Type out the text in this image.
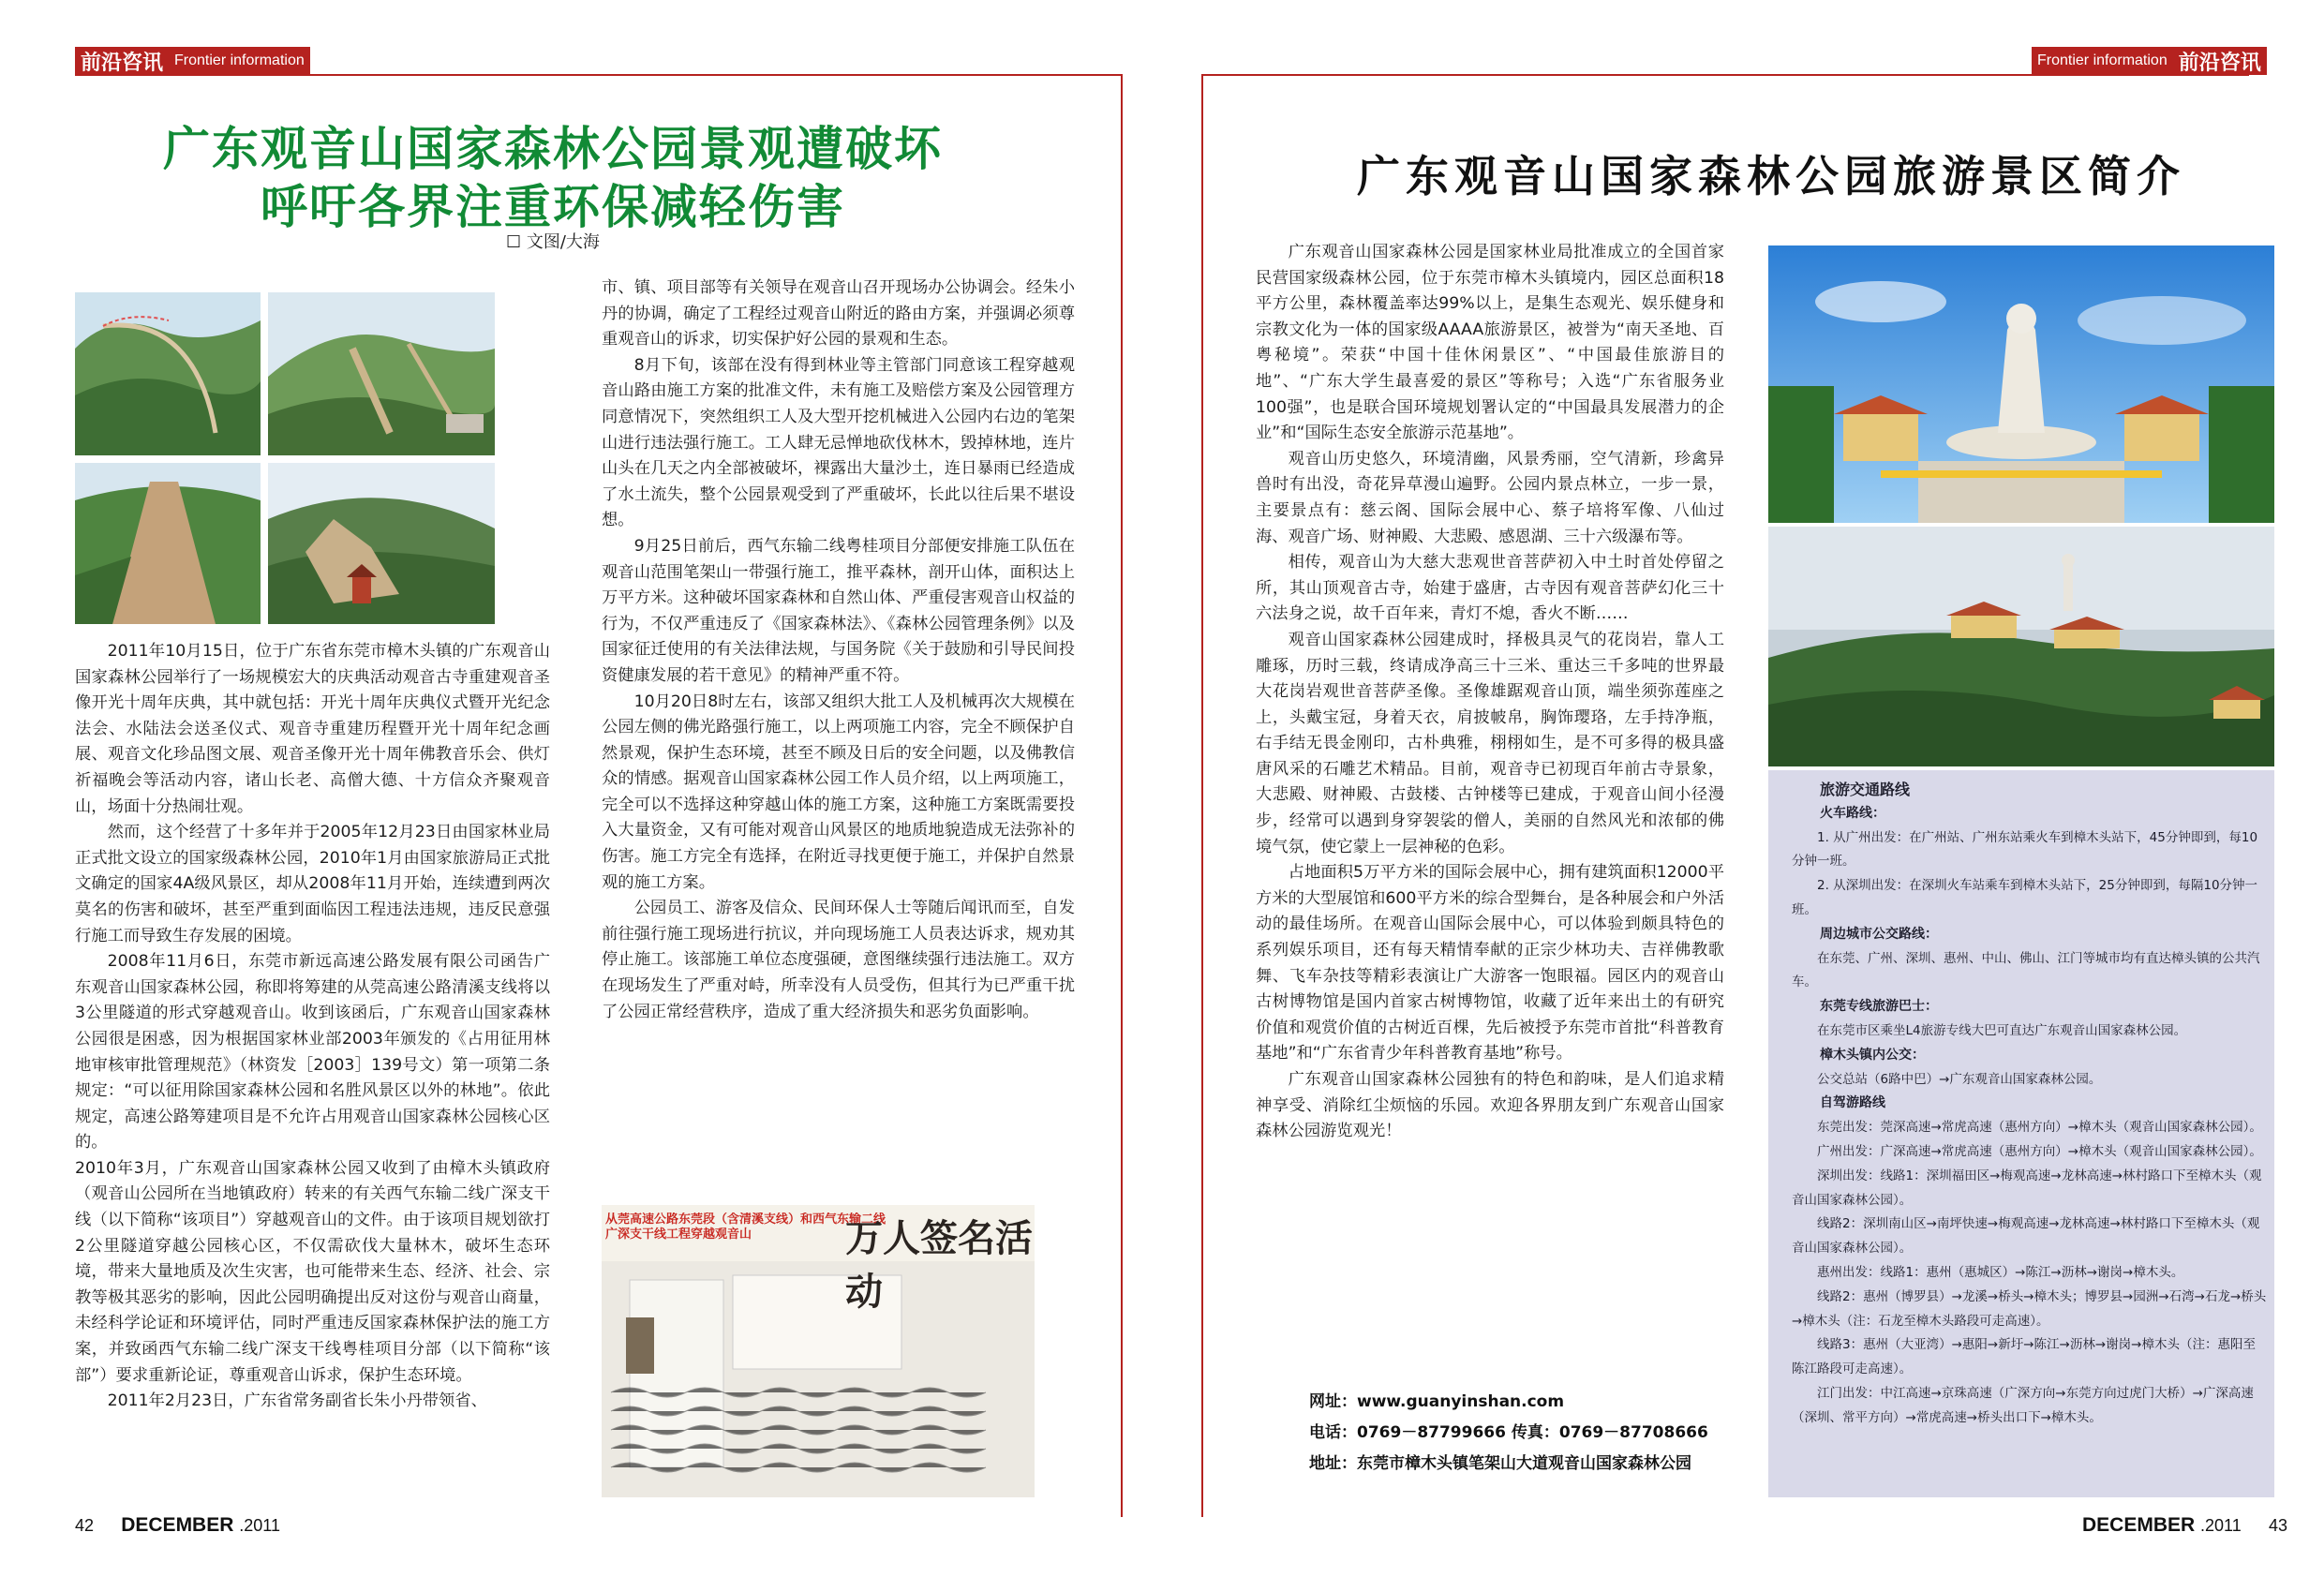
前沿咨讯 Frontier information	Frontier information 前沿咨讯
广东观音山国家森林公园景观遭破坏
呼吁各界注重环保减轻伤害
☐ 文图/大海

2011年10月15日，位于广东省东莞市樟木头镇的广东观音山国家森林公园举行了一场规模宏大的庆典活动观音古寺重建观音圣像开光十周年庆典，其中就包括：开光十周年庆典仪式暨开光纪念法会、水陆法会送圣仪式、观音寺重建历程暨开光十周年纪念画展、观音文化珍品图文展、观音圣像开光十周年佛教音乐会、供灯祈福晚会等活动内容，诸山长老、高僧大德、十方信众齐聚观音山，场面十分热闹壮观。

然而，这个经营了十多年并于2005年12月23日由国家林业局正式批文设立的国家级森林公园，2010年1月由国家旅游局正式批文确定的国家4A级风景区，却从2008年11月开始，连续遭到两次莫名的伤害和破坏，甚至严重到面临因工程违法违规，违反民意强行施工而导致生存发展的困境。

2008年11月6日，东莞市新远高速公路发展有限公司函告广东观音山国家森林公园，称即将筹建的从莞高速公路清溪支线将以3公里隧道的形式穿越观音山。收到该函后，广东观音山国家森林公园很是困惑，因为根据国家林业部2003年颁发的《占用征用林地审核审批管理规范》（林资发［2003］139号文）第一项第二条规定：“可以征用除国家森林公园和名胜风景区以外的林地”。依此规定，高速公路筹建项目是不允许占用观音山国家森林公园核心区的。

2010年3月，广东观音山国家森林公园又收到了由樟木头镇政府（观音山公园所在当地镇政府）转来的有关西气东输二线广深支干线（以下简称“该项目”）穿越观音山的文件。由于该项目规划欲打2公里隧道穿越公园核心区，不仅需砍伐大量林木，破坏生态环境，带来大量地质及次生灾害，也可能带来生态、经济、社会、宗教等极其恶劣的影响，因此公园明确提出反对这份与观音山商量，未经科学论证和环境评估，同时严重违反国家森林保护法的施工方案，并致函西气东输二线广深支干线粤桂项目分部（以下简称“该部”）要求重新论证，尊重观音山诉求，保护生态环境。

2011年2月23日，广东省常务副省长朱小丹带领省、

市、镇、项目部等有关领导在观音山召开现场办公协调会。经朱小丹的协调，确定了工程经过观音山附近的路由方案，并强调必须尊重观音山的诉求，切实保护好公园的景观和生态。

8月下旬，该部在没有得到林业等主管部门同意该工程穿越观音山路由施工方案的批准文件，未有施工及赔偿方案及公园管理方同意情况下，突然组织工人及大型开挖机械进入公园内右边的笔架山进行违法强行施工。工人肆无忌惮地砍伐林木，毁掉林地，连片山头在几天之内全部被破坏，裸露出大量沙土，连日暴雨已经造成了水土流失，整个公园景观受到了严重破坏，长此以往后果不堪设想。

9月25日前后，西气东输二线粤桂项目分部便安排施工队伍在观音山范围笔架山一带强行施工，推平森林，剖开山体，面积达上万平方米。这种破坏国家森林和自然山体、严重侵害观音山权益的行为，不仅严重违反了《国家森林法》、《森林公园管理条例》以及国家征迁使用的有关法律法规，与国务院《关于鼓励和引导民间投资健康发展的若干意见》的精神严重不符。

10月20日8时左右，该部又组织大批工人及机械再次大规模在公园左侧的佛光路强行施工，以上两项施工内容，完全不顾保护自然景观，保护生态环境，甚至不顾及日后的安全问题，以及佛教信众的情感。据观音山国家森林公园工作人员介绍，以上两项施工，完全可以不选择这种穿越山体的施工方案，这种施工方案既需要投入大量资金，又有可能对观音山风景区的地质地貌造成无法弥补的伤害。施工方完全有选择，在附近寻找更便于施工，并保护自然景观的施工方案。

公园员工、游客及信众、民间环保人士等随后闻讯而至，自发前往强行施工现场进行抗议，并向现场施工人员表达诉求，规劝其停止施工。该部施工单位态度强硬，意图继续强行违法施工。双方在现场发生了严重对峙，所幸没有人员受伤，但其行为已严重干扰了公园正常经营秩序，造成了重大经济损失和恶劣负面影响。

从莞高速公路东莞段（含清溪支线）和西气东输二线广深支干线工程穿越观音山	万人签名活动
广东观音山国家森林公园旅游景区简介

广东观音山国家森林公园是国家林业局批准成立的全国首家民营国家级森林公园，位于东莞市樟木头镇境内，园区总面积18平方公里，森林覆盖率达99%以上，是集生态观光、娱乐健身和宗教文化为一体的国家级AAAA旅游景区，被誉为“南天圣地、百粤秘境”。荣获“中国十佳休闲景区”、“中国最佳旅游目的地”、“广东大学生最喜爱的景区”等称号；入选“广东省服务业100强”，也是联合国环境规划署认定的“中国最具发展潜力的企业”和“国际生态安全旅游示范基地”。

观音山历史悠久，环境清幽，风景秀丽，空气清新，珍禽异兽时有出没，奇花异草漫山遍野。公园内景点林立，一步一景，主要景点有：慈云阁、国际会展中心、蔡子培将军像、八仙过海、观音广场、财神殿、大悲殿、感恩湖、三十六级瀑布等。

相传，观音山为大慈大悲观世音菩萨初入中土时首处停留之所，其山顶观音古寺，始建于盛唐，古寺因有观音菩萨幻化三十六法身之说，故千百年来，青灯不熄，香火不断……

观音山国家森林公园建成时，择极具灵气的花岗岩，靠人工雕琢，历时三载，终请成净高三十三米、重达三千多吨的世界最大花岗岩观世音菩萨圣像。圣像雄踞观音山顶，端坐须弥莲座之上，头戴宝冠，身着天衣，肩披帔帛，胸饰璎珞，左手持净瓶，右手结无畏金刚印，古朴典雅，栩栩如生，是不可多得的极具盛唐风采的石雕艺术精品。目前，观音寺已初现百年前古寺景象，大悲殿、财神殿、古鼓楼、古钟楼等已建成，于观音山间小径漫步，经常可以遇到身穿袈裟的僧人，美丽的自然风光和浓郁的佛境气氛，使它蒙上一层神秘的色彩。

占地面积5万平方米的国际会展中心，拥有建筑面积12000平方米的大型展馆和600平方米的综合型舞台，是各种展会和户外活动的最佳场所。在观音山国际会展中心，可以体验到颇具特色的系列娱乐项目，还有每天精情奉献的正宗少林功夫、吉祥佛教歌舞、飞车杂技等精彩表演让广大游客一饱眼福。园区内的观音山古树博物馆是国内首家古树博物馆，收藏了近年来出土的有研究价值和观赏价值的古树近百棵，先后被授予东莞市首批“科普教育基地”和“广东省青少年科普教育基地”称号。

广东观音山国家森林公园独有的特色和韵味，是人们追求精神享受、消除红尘烦恼的乐园。欢迎各界朋友到广东观音山国家森林公园游览观光！

网址：www.guanyinshan.com
电话：0769－87799666 传真：0769－87708666
地址：东莞市樟木头镇笔架山大道观音山国家森林公园
旅游交通路线
火车路线：
1. 从广州出发：在广州站、广州东站乘火车到樟木头站下，45分钟即到，每10分钟一班。
2. 从深圳出发：在深圳火车站乘车到樟木头站下，25分钟即到，每隔10分钟一班。
周边城市公交路线：
在东莞、广州、深圳、惠州、中山、佛山、江门等城市均有直达樟头镇的公共汽车。
东莞专线旅游巴士：
在东莞市区乘坐L4旅游专线大巴可直达广东观音山国家森林公园。
樟木头镇内公交：
公交总站（6路中巴）→广东观音山国家森林公园。
自驾游路线
东莞出发：莞深高速→常虎高速（惠州方向）→樟木头（观音山国家森林公园）。
广州出发：广深高速→常虎高速（惠州方向）→樟木头（观音山国家森林公园）。
深圳出发：线路1：深圳福田区→梅观高速→龙林高速→林村路口下至樟木头（观音山国家森林公园）。
线路2：深圳南山区→南坪快速→梅观高速→龙林高速→林村路口下至樟木头（观音山国家森林公园）。
惠州出发：线路1：惠州（惠城区）→陈江→沥林→谢岗→樟木头。
线路2：惠州（博罗县）→龙溪→桥头→樟木头；博罗县→园洲→石湾→石龙→桥头→樟木头（注：石龙至樟木头路段可走高速）。
线路3：惠州（大亚湾）→惠阳→新圩→陈江→沥林→谢岗→樟木头（注：惠阳至陈江路段可走高速）。
江门出发：中江高速→京珠高速（广深方向→东莞方向过虎门大桥）→广深高速（深圳、常平方向）→常虎高速→桥头出口下→樟木头。
42 DECEMBER .2011	DECEMBER .2011 43
